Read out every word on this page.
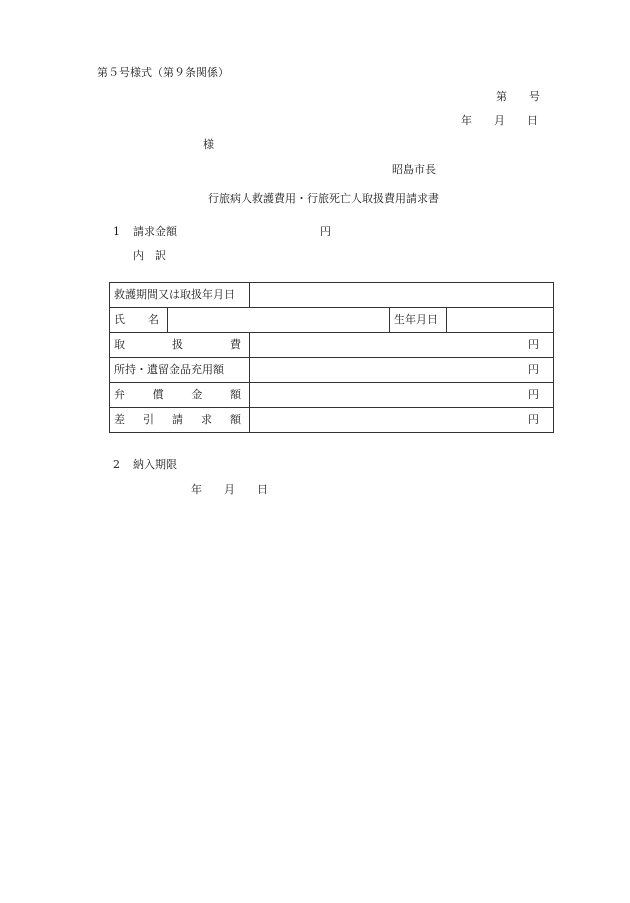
第５号様式（第９条関係）
第　　号
年　　月　　日
様
昭島市長
行旅病人救護費用・行旅死亡人取扱費用請求書
1 請求金額	円
内　訳
救護期間又は取扱年月日				

氏 名			生年月日	

取 扱 費		円		
所持・遺留金品充用額		円		

弁 償 金 額		円		

差 引 請 求 額		円		
2 納入期限
年　　月　　日
